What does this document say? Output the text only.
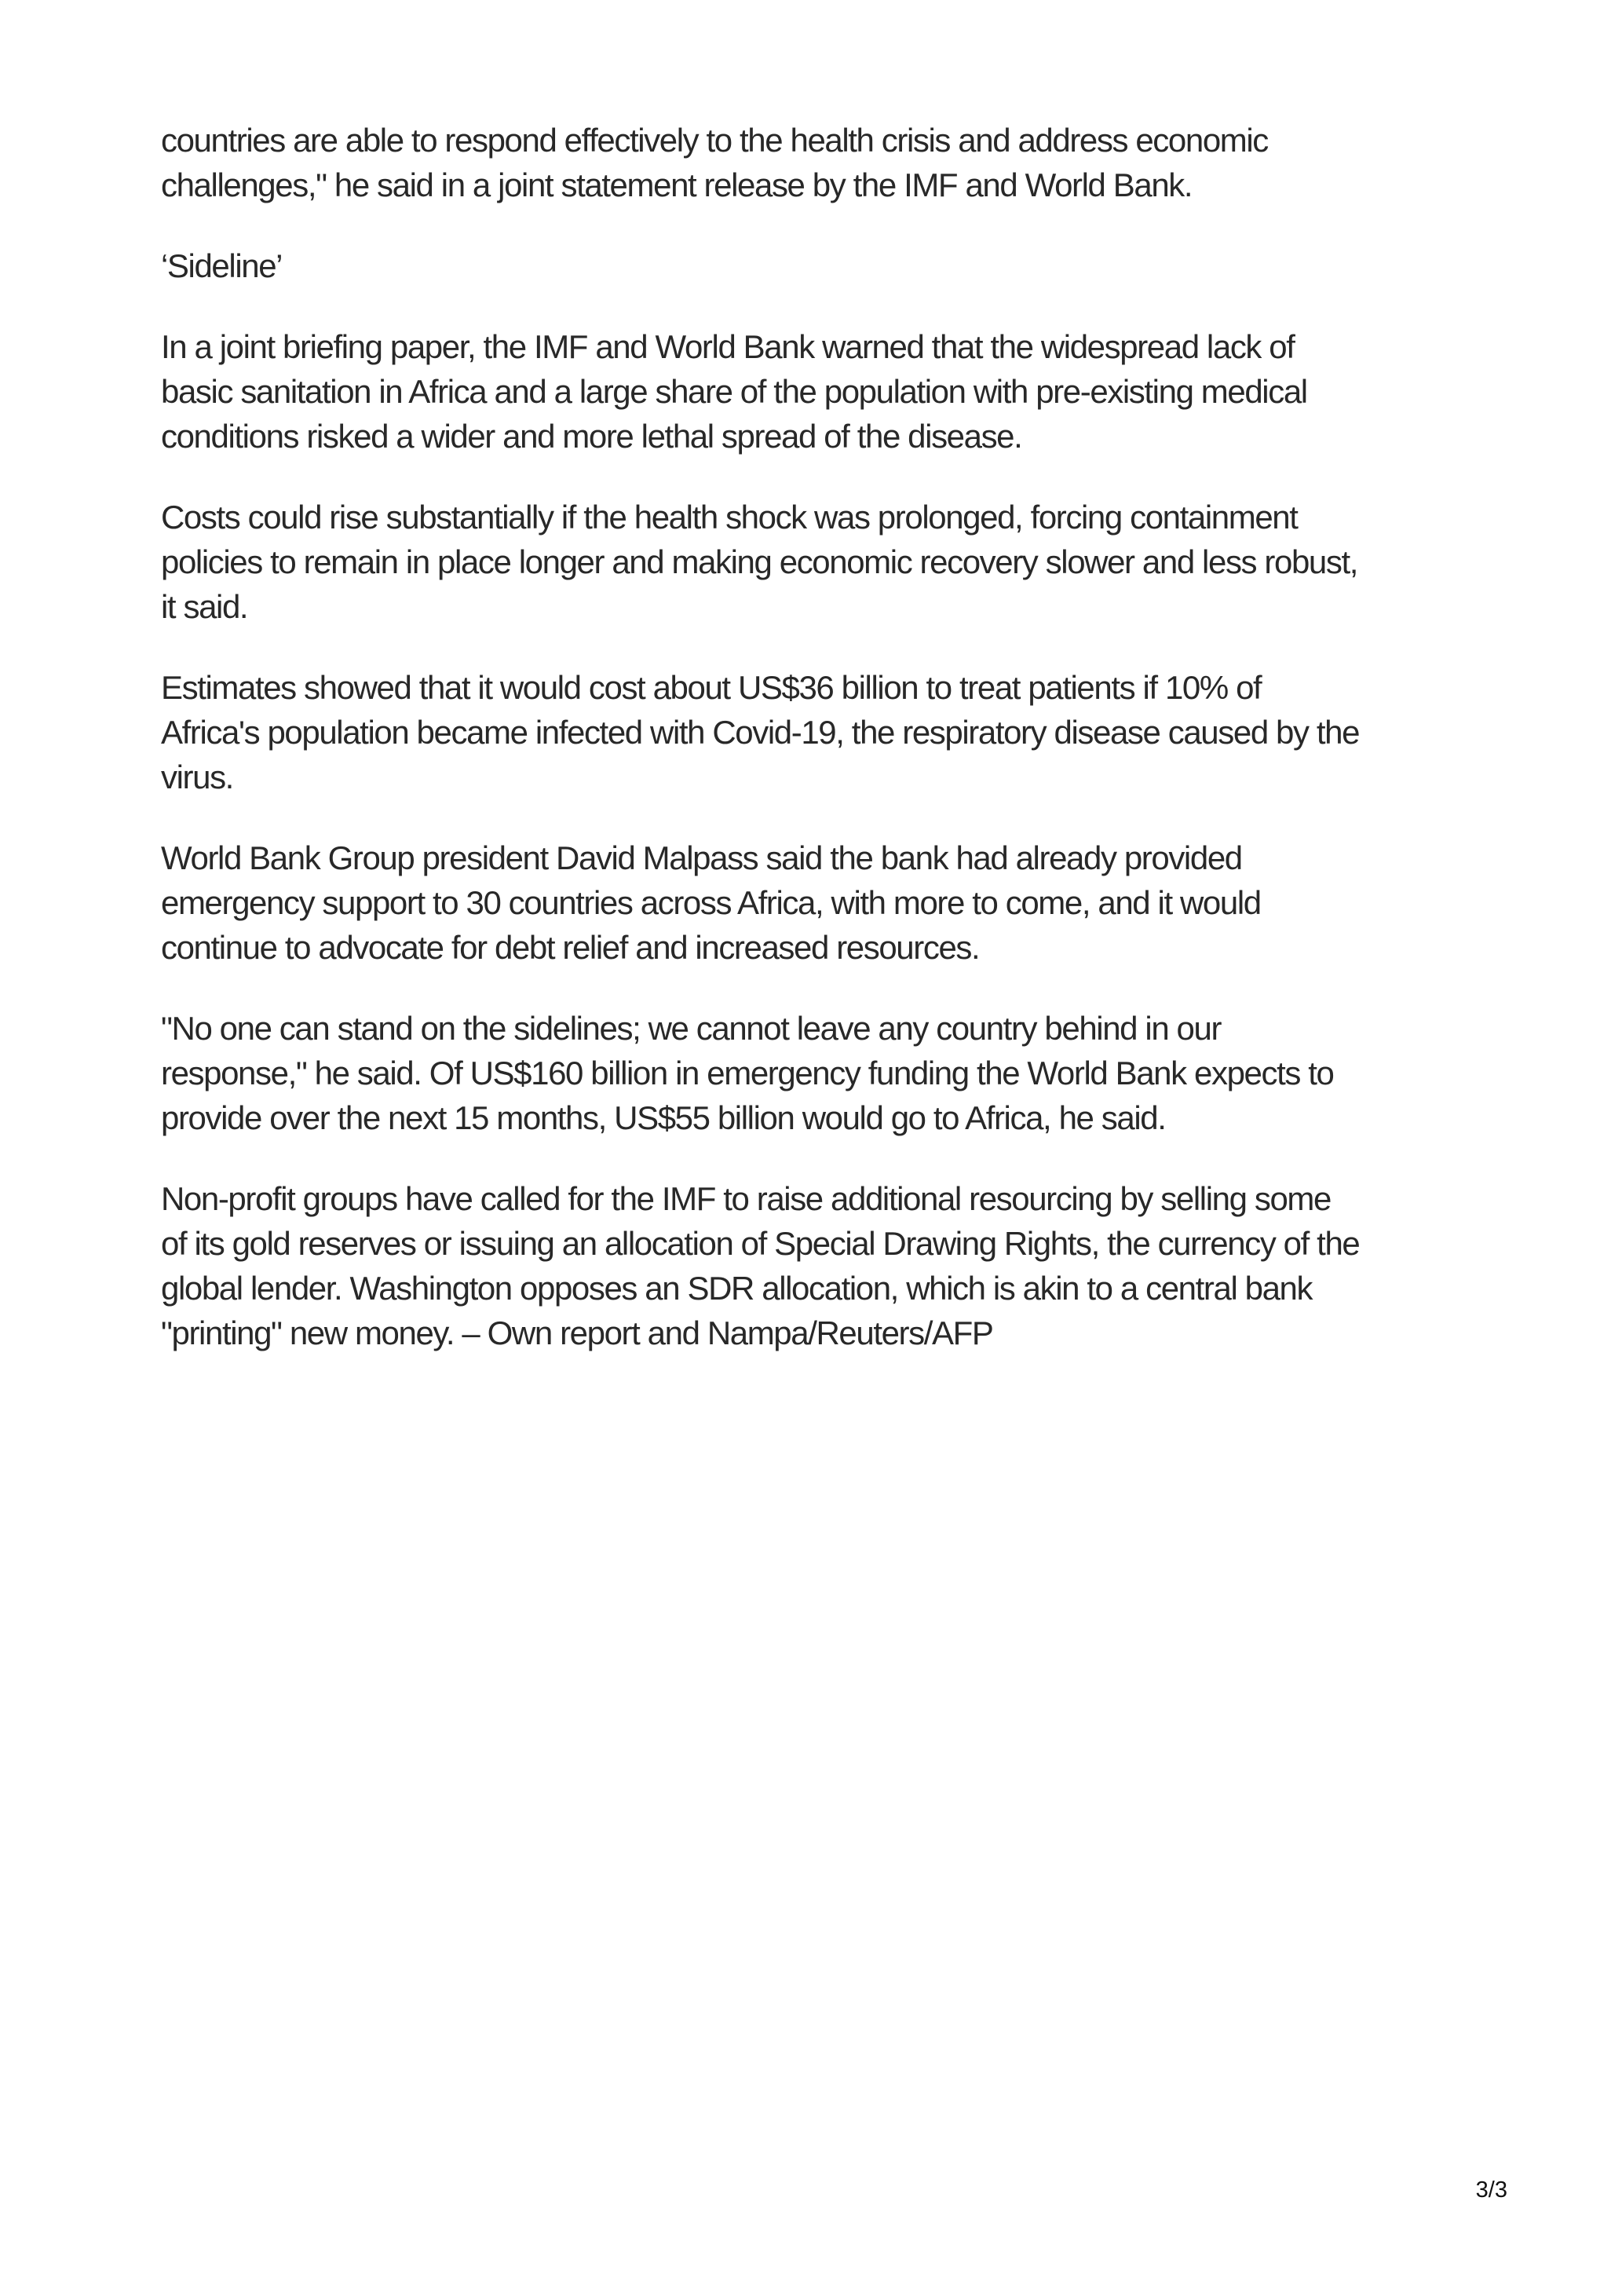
countries are able to respond effectively to the health crisis and address economic
challenges," he said in a joint statement release by the IMF and World Bank.

‘Sideline’

In a joint briefing paper, the IMF and World Bank warned that the widespread lack of
basic sanitation in Africa and a large share of the population with pre-existing medical
conditions risked a wider and more lethal spread of the disease.

Costs could rise substantially if the health shock was prolonged, forcing containment
policies to remain in place longer and making economic recovery slower and less robust,
it said.

Estimates showed that it would cost about US$36 billion to treat patients if 10% of
Africa's population became infected with Covid-19, the respiratory disease caused by the
virus.

World Bank Group president David Malpass said the bank had already provided
emergency support to 30 countries across Africa, with more to come, and it would
continue to advocate for debt relief and increased resources.

"No one can stand on the sidelines; we cannot leave any country behind in our
response," he said. Of US$160 billion in emergency funding the World Bank expects to
provide over the next 15 months, US$55 billion would go to Africa, he said.

Non-profit groups have called for the IMF to raise additional resourcing by selling some
of its gold reserves or issuing an allocation of Special Drawing Rights, the currency of the
global lender. Washington opposes an SDR allocation, which is akin to a central bank
"printing" new money. – Own report and Nampa/Reuters/AFP

3/3
